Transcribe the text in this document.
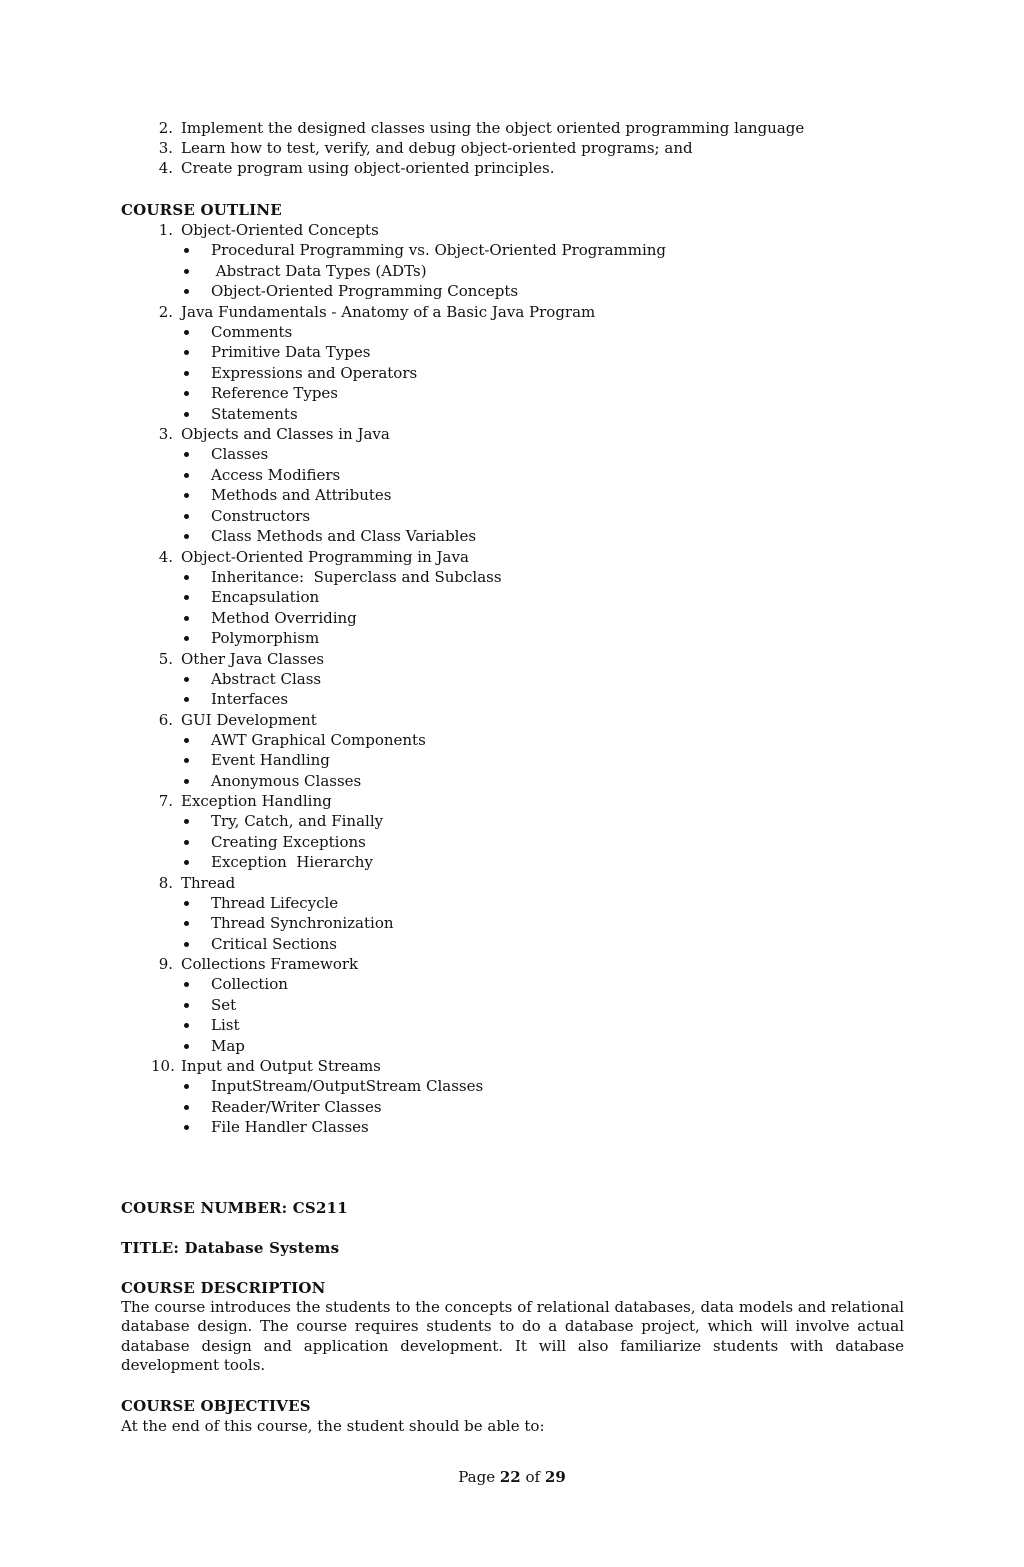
2. Implement the designed classes using the object oriented programming language
3. Learn how to test, verify, and debug object-oriented programs; and
4. Create program using object-oriented principles.
COURSE OUTLINE
1. Object-Oriented Concepts
Procedural Programming vs. Object-Oriented Programming
Abstract Data Types (ADTs)
Object-Oriented Programming Concepts
2. Java Fundamentals - Anatomy of a Basic Java Program
Comments
Primitive Data Types
Expressions and Operators
Reference Types
Statements
3. Objects and Classes in Java
Classes
Access Modifiers
Methods and Attributes
Constructors
Class Methods and Class Variables
4. Object-Oriented Programming in Java
Inheritance:  Superclass and Subclass
Encapsulation
Method Overriding
Polymorphism
5. Other Java Classes
Abstract Class
Interfaces
6. GUI Development
AWT Graphical Components
Event Handling
Anonymous Classes
7. Exception Handling
Try, Catch, and Finally
Creating Exceptions
Exception  Hierarchy
8. Thread
Thread Lifecycle
Thread Synchronization
Critical Sections
9. Collections Framework
Collection
Set
List
Map
10. Input and Output Streams
InputStream/OutputStream Classes
Reader/Writer Classes
File Handler Classes
COURSE NUMBER: CS211
TITLE: Database Systems
COURSE DESCRIPTION
The course introduces the students to the concepts of relational databases, data models and relational database design. The course requires students to do a database project, which will involve actual database design and application development. It will also familiarize students with database development tools.
COURSE OBJECTIVES
At the end of this course, the student should be able to:
Page 22 of 29
